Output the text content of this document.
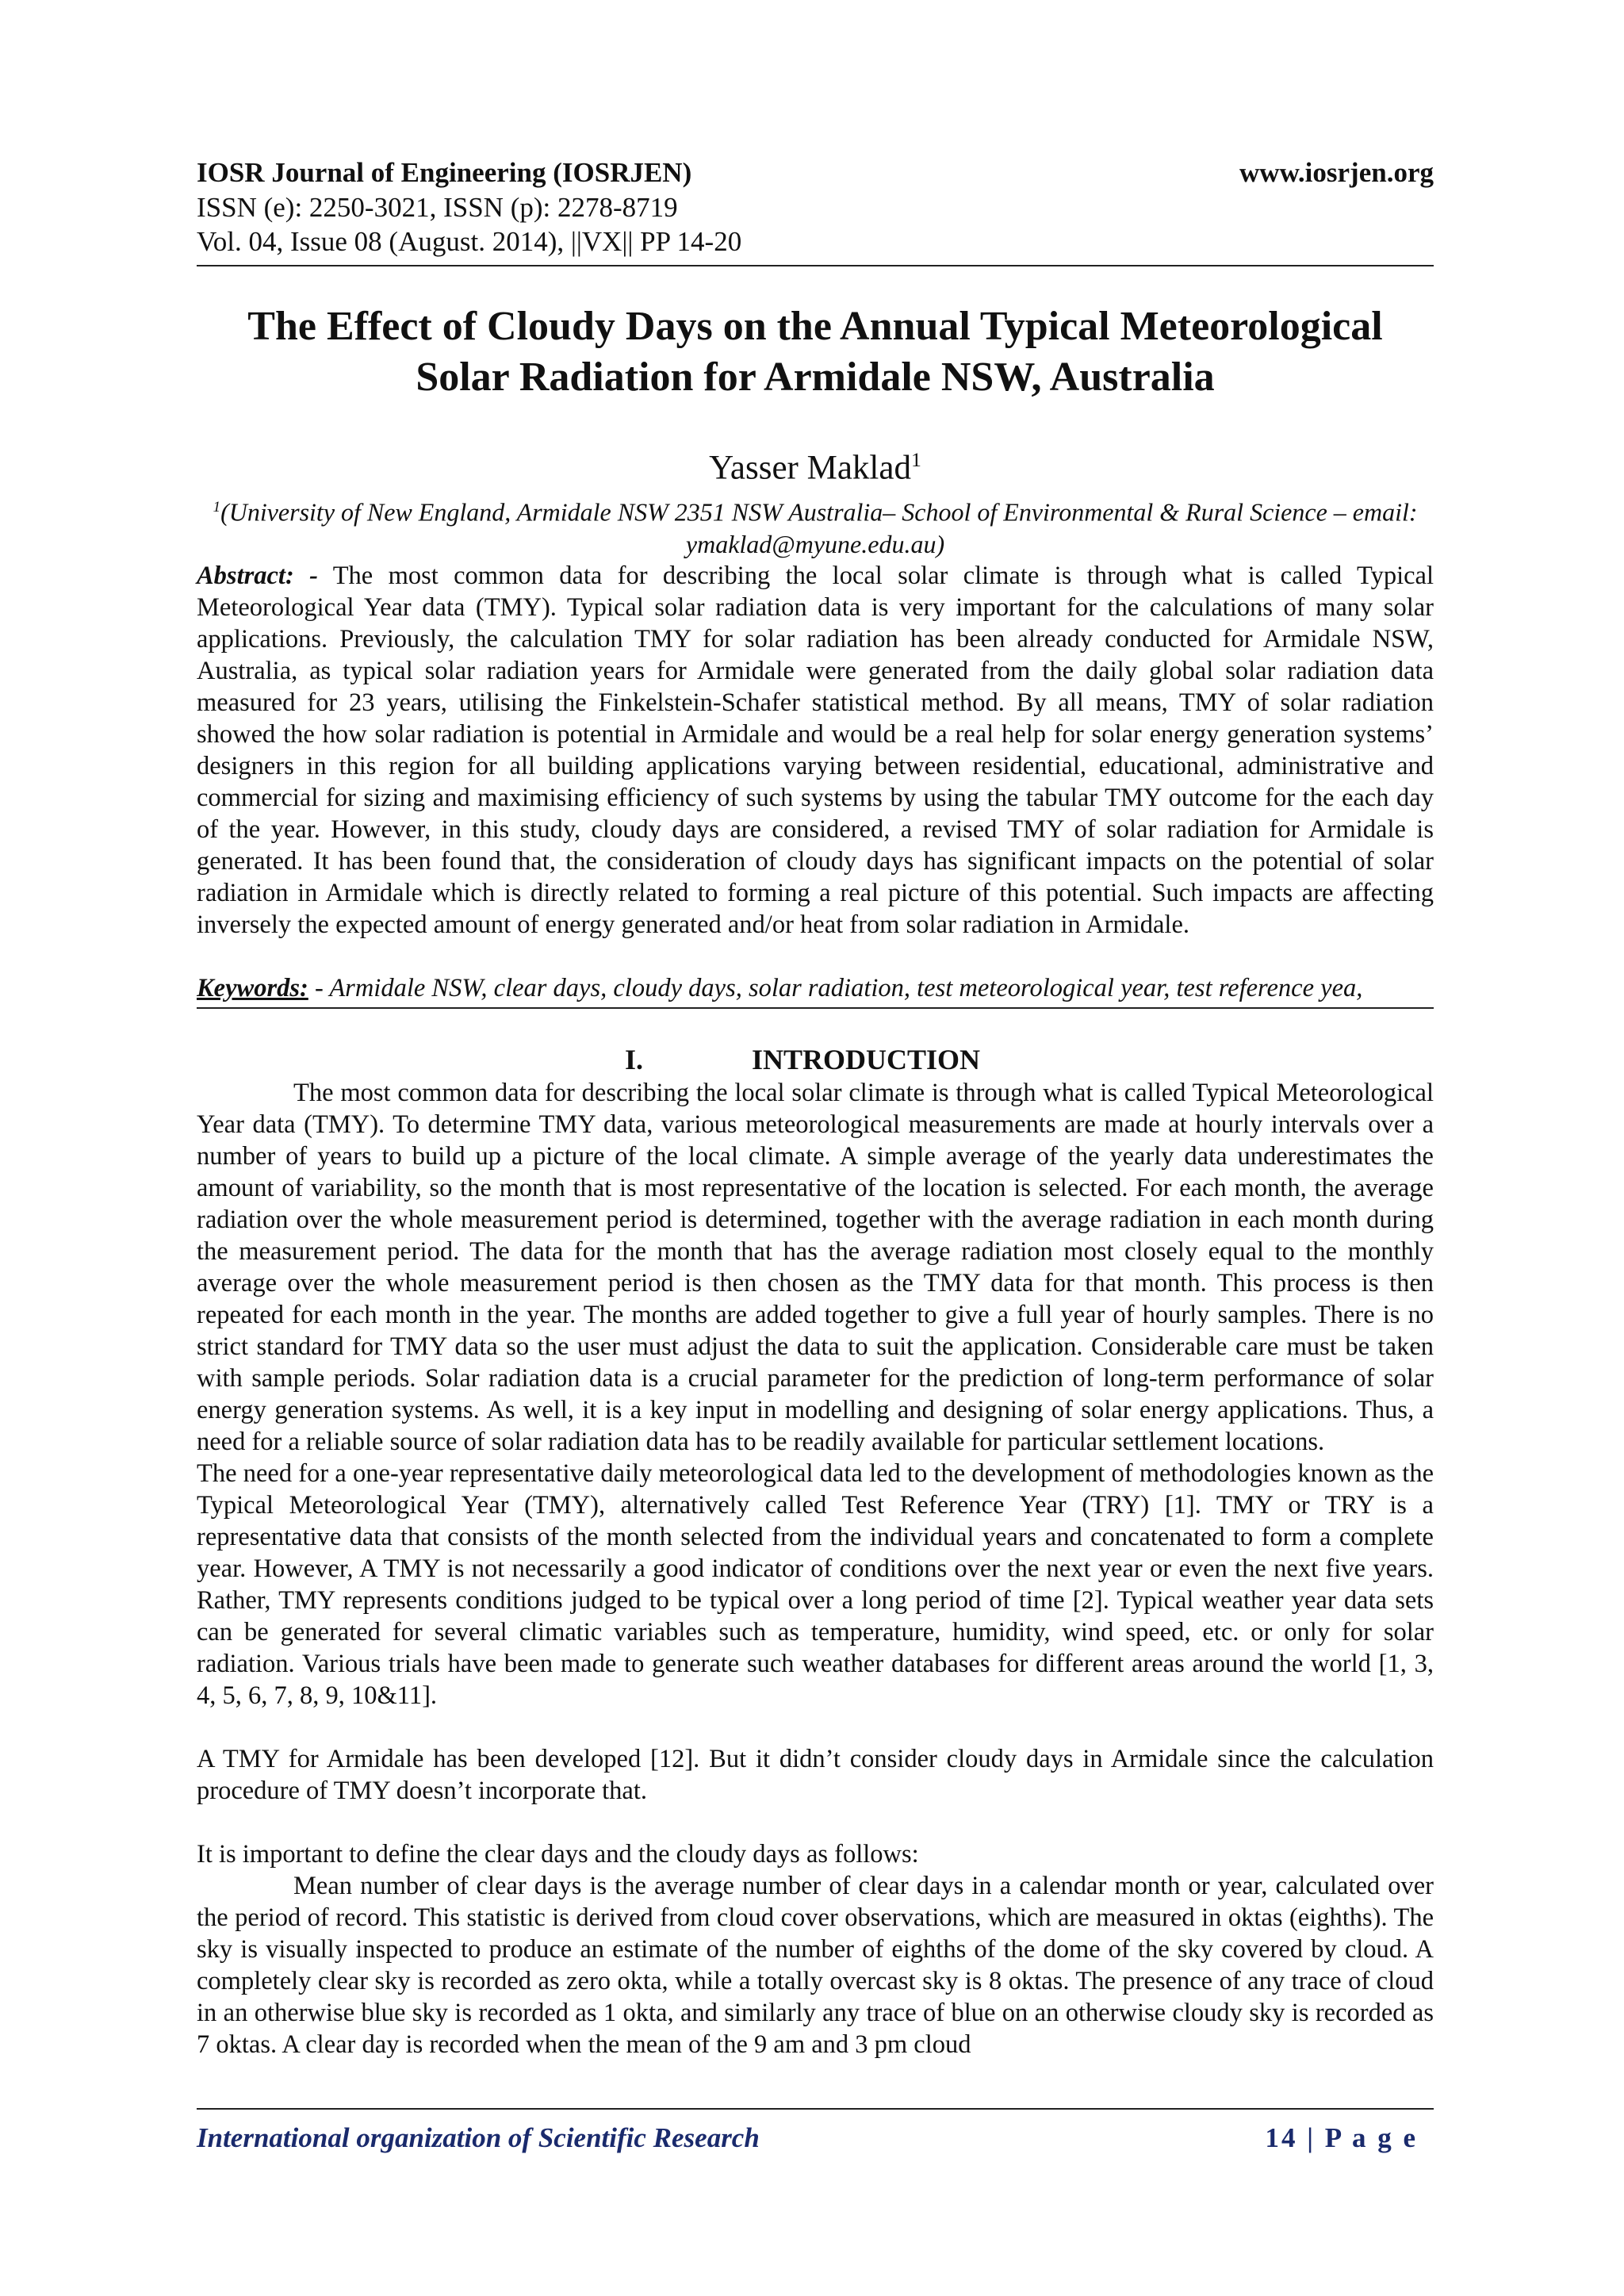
IOSR Journal of Engineering (IOSRJEN)	www.iosrjen.org
ISSN (e): 2250-3021, ISSN (p): 2278-8719
Vol. 04, Issue 08 (August. 2014), ||VX|| PP 14-20
The Effect of Cloudy Days on the Annual Typical Meteorological
Solar Radiation for Armidale NSW, Australia
Yasser Maklad$^1$
$^1$(University of New England, Armidale NSW 2351 NSW Australia– School of Environmental & Rural Science – email: ymaklad@myune.edu.au)

Abstract: - The most common data for describing the local solar climate is through what is called Typical Meteorological Year data (TMY). Typical solar radiation data is very important for the calculations of many solar applications. Previously, the calculation TMY for solar radiation has been already conducted for Armidale NSW, Australia, as typical solar radiation years for Armidale were generated from the daily global solar radiation data measured for 23 years, utilising the Finkelstein-Schafer statistical method. By all means, TMY of solar radiation showed the how solar radiation is potential in Armidale and would be a real help for solar energy generation systems’ designers in this region for all building applications varying between residential, educational, administrative and commercial for sizing and maximising efficiency of such systems by using the tabular TMY outcome for the each day of the year. However, in this study, cloudy days are considered, a revised TMY of solar radiation for Armidale is generated. It has been found that, the consideration of cloudy days has significant impacts on the potential of solar radiation in Armidale which is directly related to forming a real picture of this potential. Such impacts are affecting inversely the expected amount of energy generated and/or heat from solar radiation in Armidale.

Keywords: - Armidale NSW, clear days, cloudy days, solar radiation, test meteorological year, test reference yea,
I.	INTRODUCTION

The most common data for describing the local solar climate is through what is called Typical Meteorological Year data (TMY). To determine TMY data, various meteorological measurements are made at hourly intervals over a number of years to build up a picture of the local climate. A simple average of the yearly data underestimates the amount of variability, so the month that is most representative of the location is selected. For each month, the average radiation over the whole measurement period is determined, together with the average radiation in each month during the measurement period. The data for the month that has the average radiation most closely equal to the monthly average over the whole measurement period is then chosen as the TMY data for that month. This process is then repeated for each month in the year. The months are added together to give a full year of hourly samples. There is no strict standard for TMY data so the user must adjust the data to suit the application. Considerable care must be taken with sample periods. Solar radiation data is a crucial parameter for the prediction of long-term performance of solar energy generation systems. As well, it is a key input in modelling and designing of solar energy applications. Thus, a need for a reliable source of solar radiation data has to be readily available for particular settlement locations.

The need for a one-year representative daily meteorological data led to the development of methodologies known as the Typical Meteorological Year (TMY), alternatively called Test Reference Year (TRY) [1]. TMY or TRY is a representative data that consists of the month selected from the individual years and concatenated to form a complete year. However, A TMY is not necessarily a good indicator of conditions over the next year or even the next five years. Rather, TMY represents conditions judged to be typical over a long period of time [2]. Typical weather year data sets can be generated for several climatic variables such as temperature, humidity, wind speed, etc. or only for solar radiation. Various trials have been made to generate such weather databases for different areas around the world [1, 3, 4, 5, 6, 7, 8, 9, 10&11].

A TMY for Armidale has been developed [12]. But it didn’t consider cloudy days in Armidale since the calculation procedure of TMY doesn’t incorporate that.

It is important to define the clear days and the cloudy days as follows:

Mean number of clear days is the average number of clear days in a calendar month or year, calculated over the period of record. This statistic is derived from cloud cover observations, which are measured in oktas (eighths). The sky is visually inspected to produce an estimate of the number of eighths of the dome of the sky covered by cloud. A completely clear sky is recorded as zero okta, while a totally overcast sky is 8 oktas. The presence of any trace of cloud in an otherwise blue sky is recorded as 1 okta, and similarly any trace of blue on an otherwise cloudy sky is recorded as 7 oktas. A clear day is recorded when the mean of the 9 am and 3 pm cloud

International organization of Scientific Research	14 | P a g e
